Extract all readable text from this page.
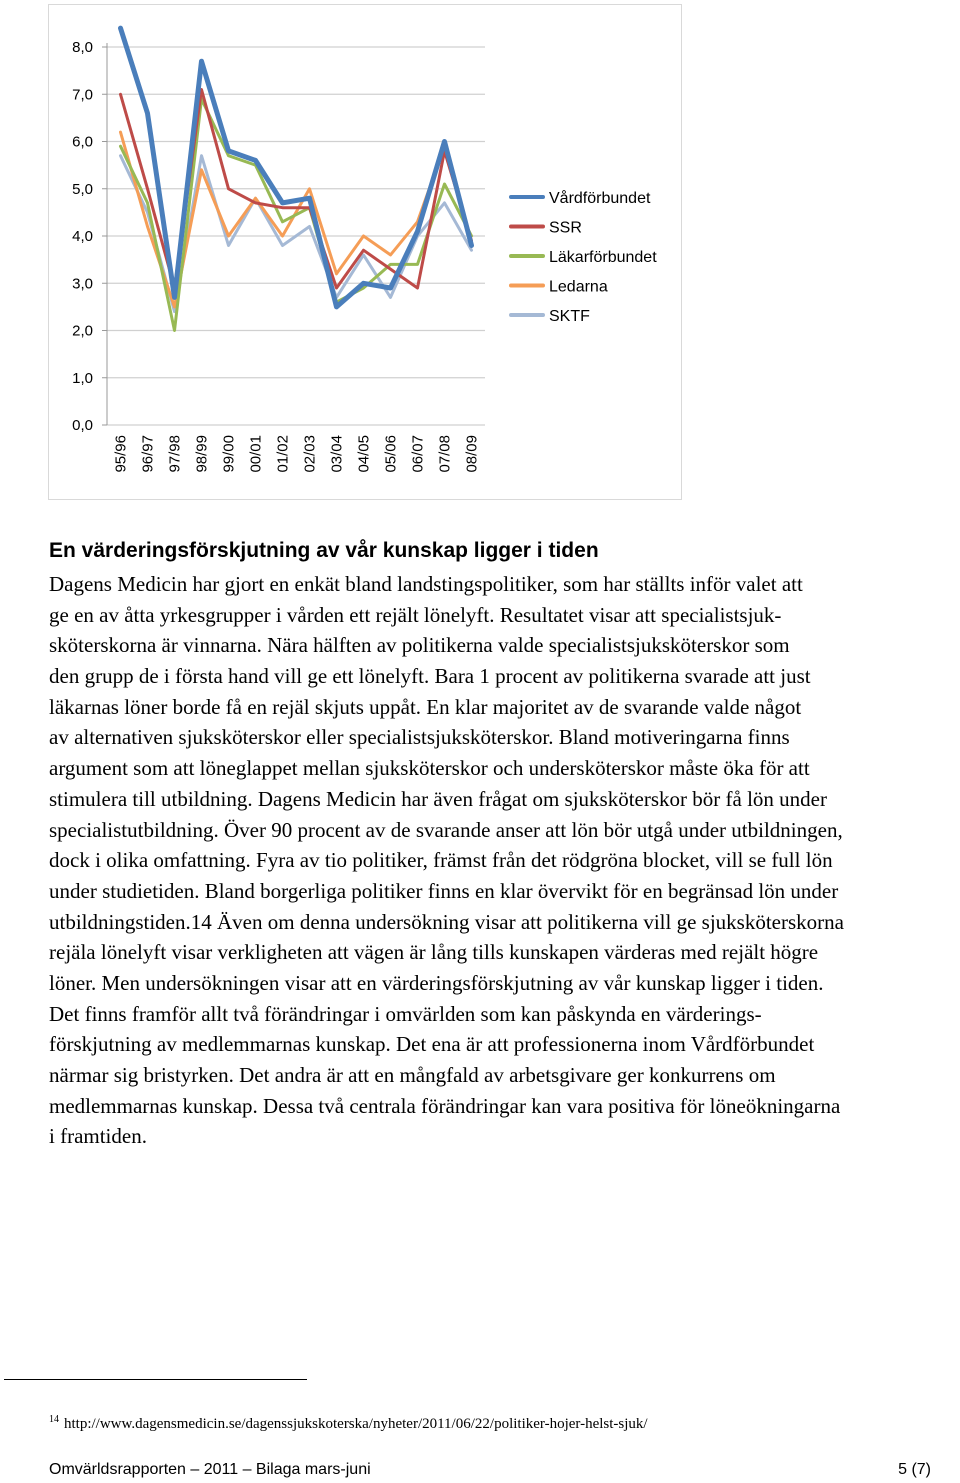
0,0
1,0
2,0
3,0
4,0
5,0
6,0
7,0
8,0
95/96 96/97 97/98 98/99 99/00 00/01 01/02 02/03 03/04 04/05 05/06 06/07 07/08 08/09
Vårdförbundet
SSR
Läkarförbundet
Ledarna
SKTF
En värderingsförskjutning av vår kunskap ligger i tiden
Dagens Medicin har gjort en enkät bland landstingspolitiker, som har ställts inför valet att
ge en av åtta yrkesgrupper i vården ett rejält lönelyft. Resultatet visar att specialistsjuk-
sköterskorna är vinnarna. Nära hälften av politikerna valde specialistsjuksköterskor som
den grupp de i första hand vill ge ett lönelyft. Bara 1 procent av politikerna svarade att just
läkarnas löner borde få en rejäl skjuts uppåt. En klar majoritet av de svarande valde något
av alternativen sjuksköterskor eller specialistsjuksköterskor. Bland motiveringarna finns
argument som att löneglappet mellan sjuksköterskor och undersköterskor måste öka för att
stimulera till utbildning. Dagens Medicin har även frågat om sjuksköterskor bör få lön under
specialistutbildning. Över 90 procent av de svarande anser att lön bör utgå under utbildningen,
dock i olika omfattning. Fyra av tio politiker, främst från det rödgröna blocket, vill se full lön
under studietiden. Bland borgerliga politiker finns en klar övervikt för en begränsad lön under
utbildningstiden.14 Även om denna undersökning visar att politikerna vill ge sjuksköterskorna
rejäla lönelyft visar verkligheten att vägen är lång tills kunskapen värderas med rejält högre
löner. Men undersökningen visar att en värderingsförskjutning av vår kunskap ligger i tiden.
Det finns framför allt två förändringar i omvärlden som kan påskynda en värderings-
förskjutning av medlemmarnas kunskap. Det ena är att professionerna inom Vårdförbundet
närmar sig bristyrken. Det andra är att en mångfald av arbetsgivare ger konkurrens om
medlemmarnas kunskap. Dessa två centrala förändringar kan vara positiva för löneökningarna
i framtiden.
$^{14}$ http://www.dagensmedicin.se/dagenssjukskoterska/nyheter/2011/06/22/politiker-hojer-helst-sjuk/
Omvärldsrapporten – 2011 – Bilaga mars-juni	5 (7)
